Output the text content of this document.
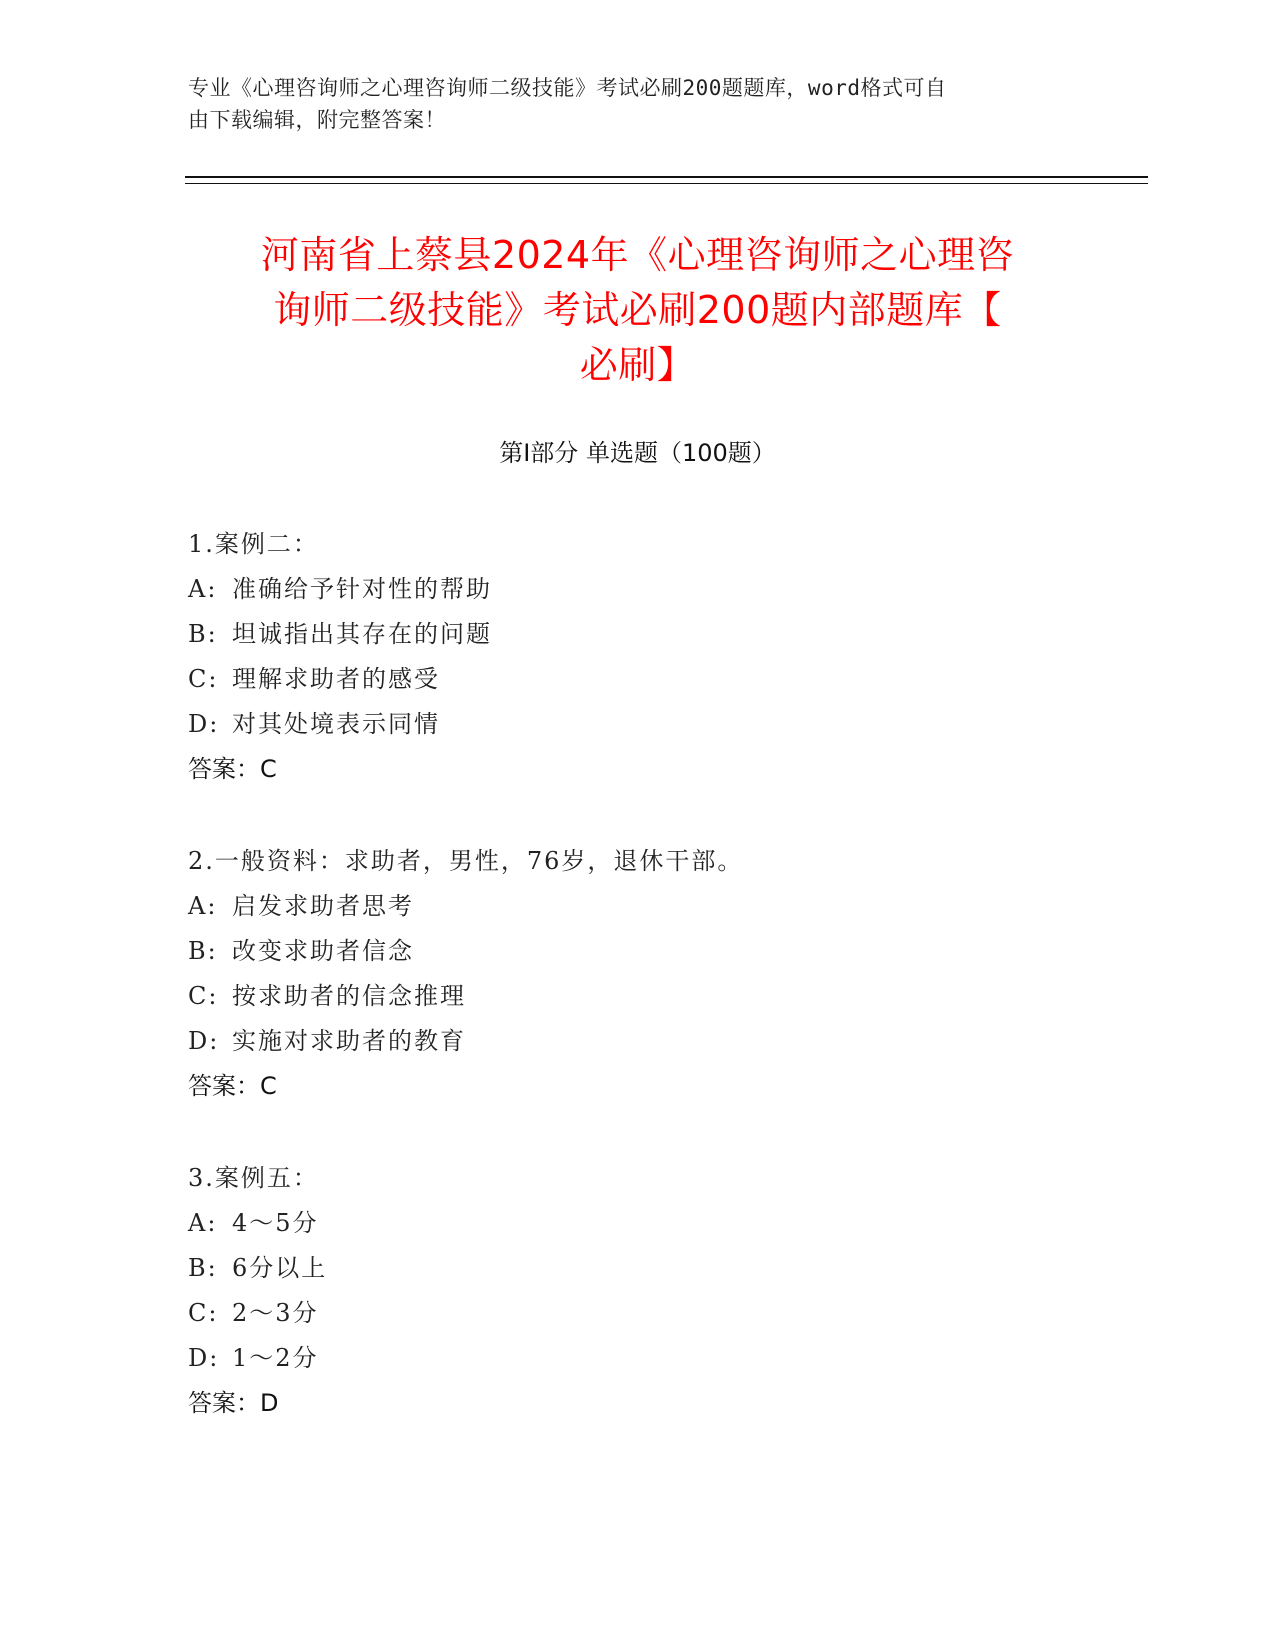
专业《心理咨询师之心理咨询师二级技能》考试必刷200题题库，word格式可自
由下载编辑，附完整答案！
河南省上蔡县2024年《心理咨询师之心理咨
询师二级技能》考试必刷200题内部题库【
必刷】
第Ⅰ部分 单选题（100题）
1.案例二：
A: 准确给予针对性的帮助
B: 坦诚指出其存在的问题
C: 理解求助者的感受
D: 对其处境表示同情
答案：C
2.一般资料：求助者，男性，76岁，退休干部。
A: 启发求助者思考
B: 改变求助者信念
C: 按求助者的信念推理
D: 实施对求助者的教育
答案：C
3.案例五：
A: 4～5分
B: 6分以上
C: 2～3分
D: 1～2分
答案：D
